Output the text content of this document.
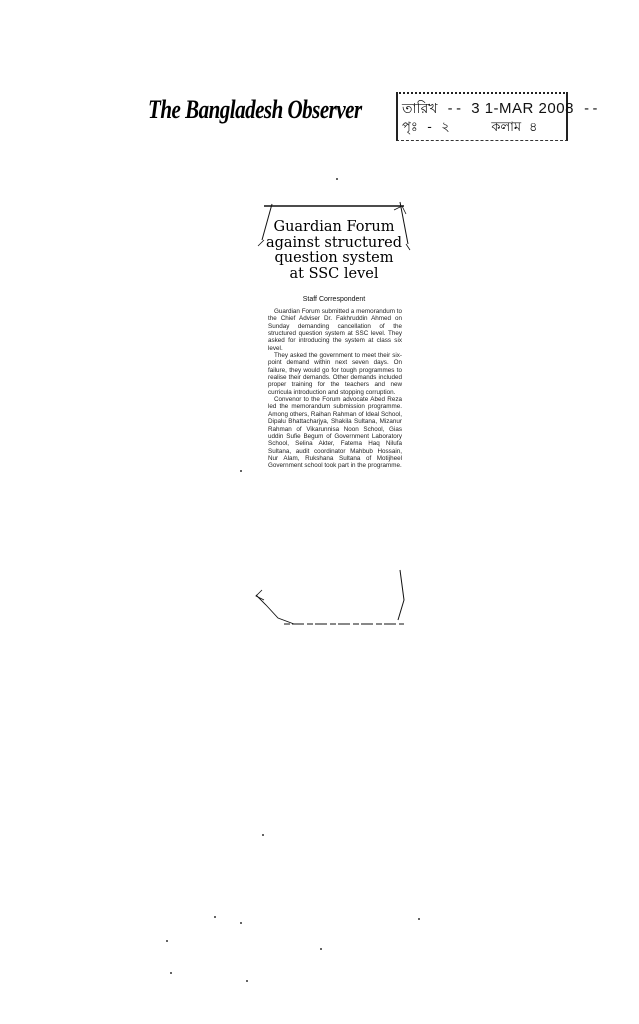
The Bangladesh Observer	তারিখ -- 3 1-MAR 2008 --
পৃঃ - ২	কলাম ৪
Guardian Forum
against structured
question system
at SSC level
Staff Correspondent

Guardian Forum submitted a memorandum to the Chief Adviser Dr. Fakhruddin Ahmed on Sunday demanding cancellation of the structured question system at SSC level. They asked for introducing the system at class six level.

They asked the government to meet their six-point demand within next seven days. On failure, they would go for tough programmes to realise their demands. Other demands included proper training for the teachers and new curricula introduction and stopping corruption.

Convenor to the Forum advocate Abed Reza led the memorandum submission programme. Among others, Raihan Rahman of Ideal School, Dipalu Bhattacharjya, Shakila Sultana, Mizanur Rahman of Vikarunnisa Noon School, Gias uddin Sufie Begum of Government Laboratory School, Selina Akter, Fatema Haq Nilufa Sultana, audit coordinator Mahbub Hossain, Nur Alam, Rukshana Sultana of Motijheel Government school took part in the programme.
